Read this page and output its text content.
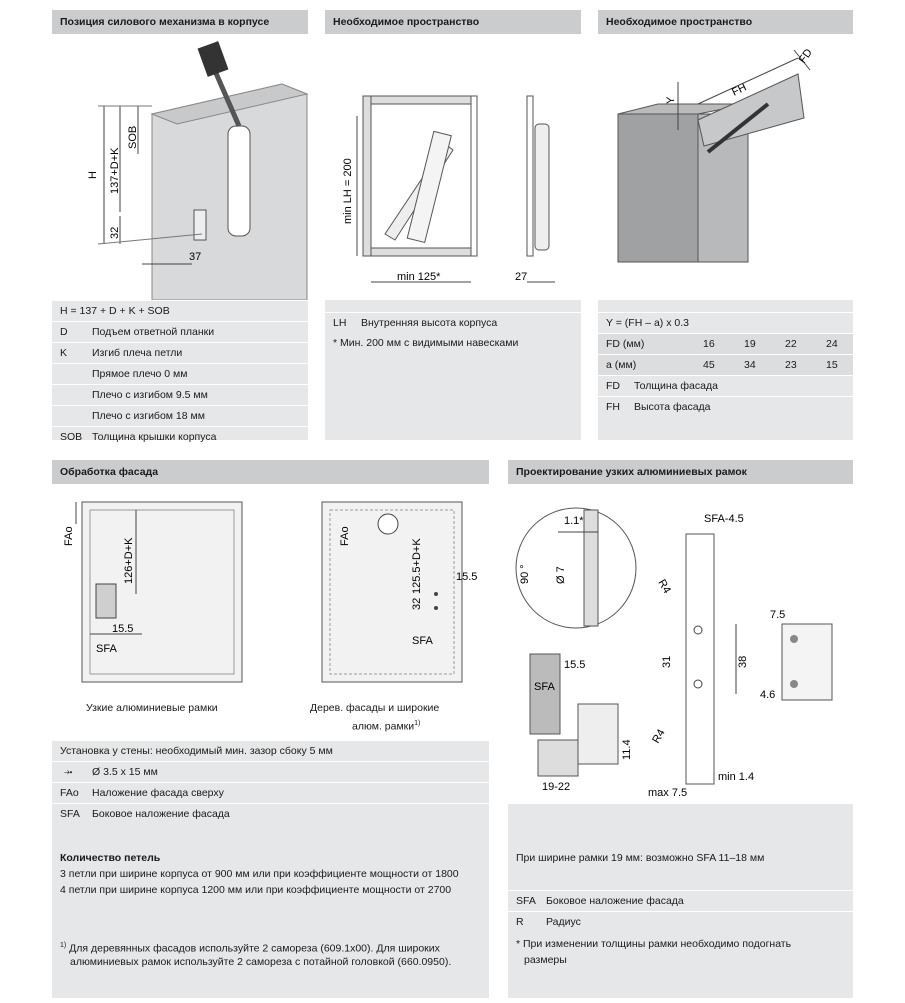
Позиция силового механизма в корпусе
H 137+D+K
SOB
32
37
H = 137 + D + K + SOB
D Подъем ответной планки
K Изгиб плеча петли
Прямое плечо 0 мм
Плечо с изгибом 9.5 мм
Плечо с изгибом 18 мм
SOB Толщина крышки корпуса
Необходимое пространство
min LH = 200
min 125*	27
LH Внутренняя высота корпуса
* Мин. 200 мм с видимыми навесками
Необходимое пространство
Y
FH
FD
Y = (FH – a) x 0.3
FD (мм)	16	19	22	24
a (мм)	45	34	23	15
FD Толщина фасада
FH Высота фасада
Обработка фасада
FAo
126+D+K
15.5
SFA
FAo
125.5+D+K
32
15.5
SFA
Узкие алюминиевые рамки	Дерев. фасады и широкие
алюм. рамки$^{1)}$
Установка у стены: необходимый мин. зазор сбоку 5 мм
⤞ Ø 3.5 x 15 мм
FAo Наложение фасада сверху
SFA Боковое наложение фасада
Количество петель
3 петли при ширине корпуса от 900 мм или при коэффициенте мощности от 1800
4 петли при ширине корпуса 1200 мм или при коэффициенте мощности от 2700
$^{1)}$ Для деревянных фасадов используйте 2 самореза (609.1x00). Для широких
алюминиевых рамок используйте 2 самореза с потайной головкой (660.0950).
Проектирование узких алюминиевых рамок
1.1*
90 ° Ø 7
SFA-4.5
R4
R4
31	38
min 1.4
max 7.5
7.5
4.6
15.5
SFA
11.4
19-22
При ширине рамки 19 мм: возможно SFA 11–18 мм
SFA Боковое наложение фасада
R Радиус
* При изменении толщины рамки необходимо подогнать
размеры
